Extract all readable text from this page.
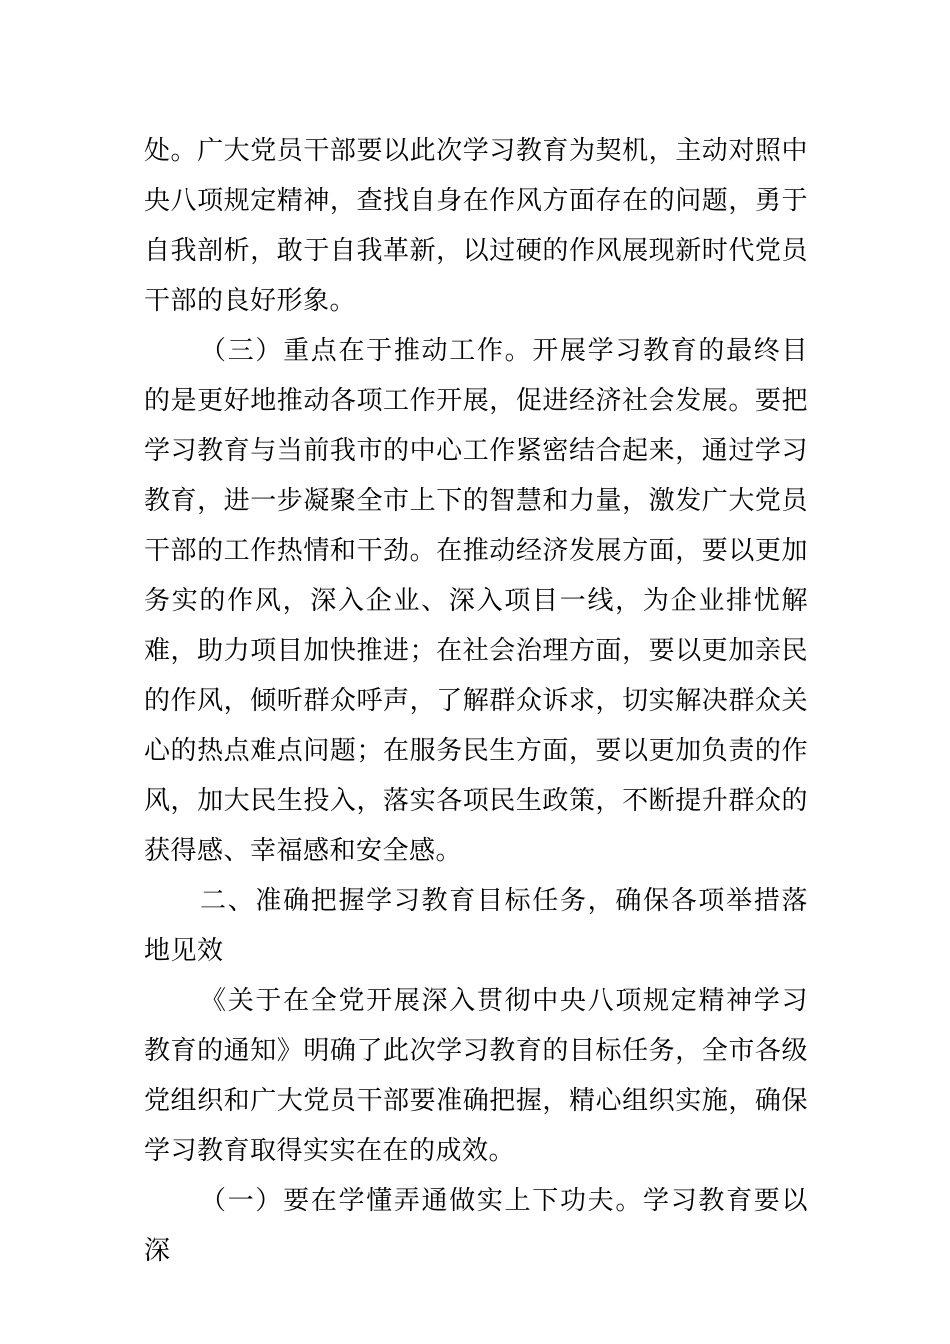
处。广大党员干部要以此次学习教育为契机，主动对照中央八项规定精神，查找自身在作风方面存在的问题，勇于自我剖析，敢于自我革新，以过硬的作风展现新时代党员干部的良好形象。

（三）重点在于推动工作。开展学习教育的最终目的是更好地推动各项工作开展，促进经济社会发展。要把学习教育与当前我市的中心工作紧密结合起来，通过学习教育，进一步凝聚全市上下的智慧和力量，激发广大党员干部的工作热情和干劲。在推动经济发展方面，要以更加务实的作风，深入企业、深入项目一线，为企业排忧解难，助力项目加快推进；在社会治理方面，要以更加亲民的作风，倾听群众呼声，了解群众诉求，切实解决群众关心的热点难点问题；在服务民生方面，要以更加负责的作风，加大民生投入，落实各项民生政策，不断提升群众的获得感、幸福感和安全感。

二、准确把握学习教育目标任务，确保各项举措落地见效

《关于在全党开展深入贯彻中央八项规定精神学习教育的通知》明确了此次学习教育的目标任务，全市各级党组织和广大党员干部要准确把握，精心组织实施，确保学习教育取得实实在在的成效。

（一）要在学懂弄通做实上下功夫。学习教育要以深
